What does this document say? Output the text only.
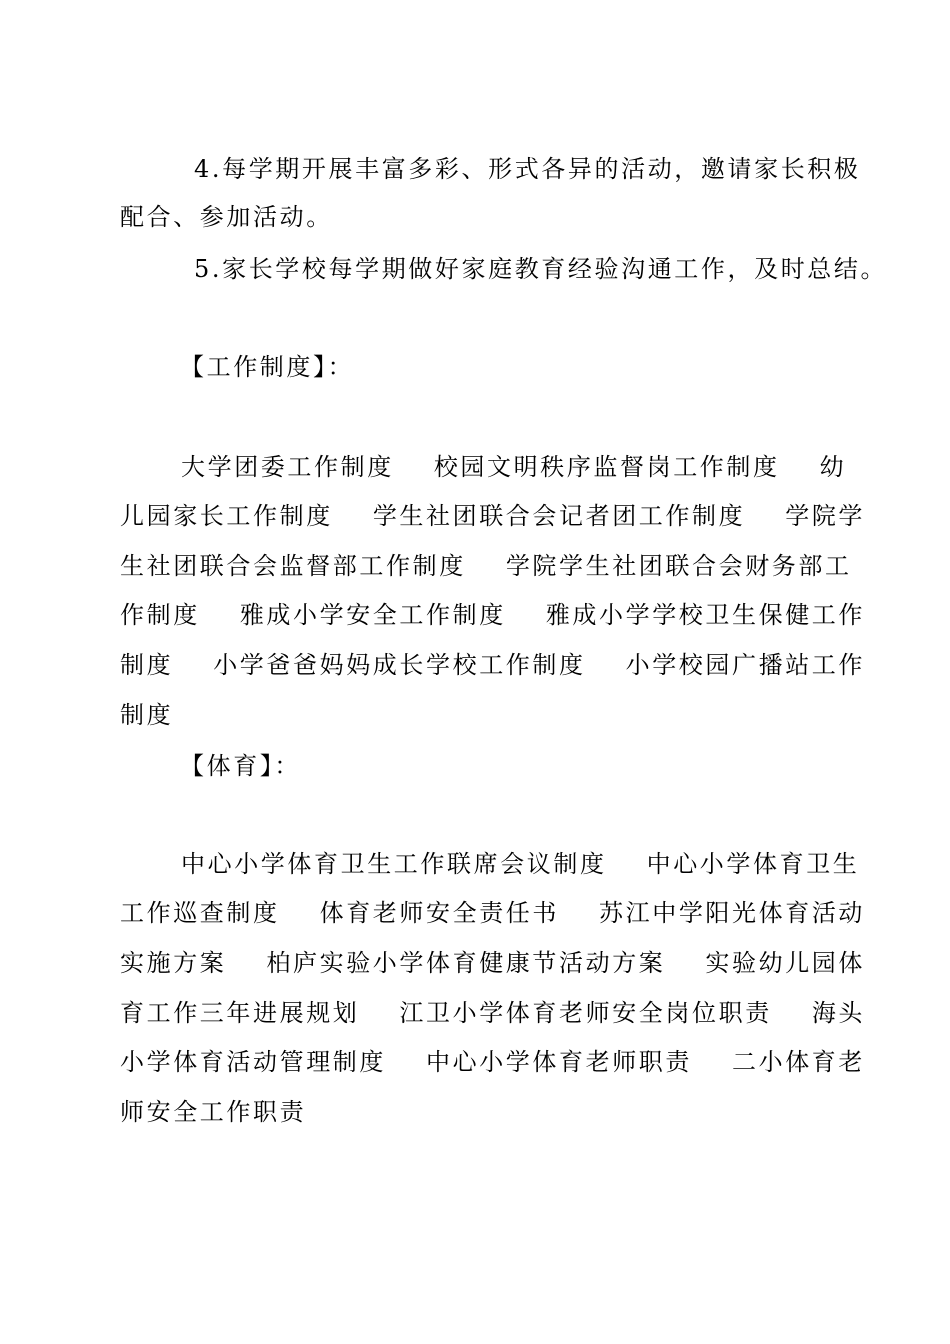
4.每学期开展丰富多彩、形式各异的活动，邀请家长积极
配合、参加活动。
5.家长学校每学期做好家庭教育经验沟通工作，及时总结。
【工作制度】：
大学团委工作制度 校园文明秩序监督岗工作制度 幼
儿园家长工作制度 学生社团联合会记者团工作制度 学院学
生社团联合会监督部工作制度 学院学生社团联合会财务部工
作制度 雅成小学安全工作制度 雅成小学学校卫生保健工作
制度 小学爸爸妈妈成长学校工作制度 小学校园广播站工作
制度
【体育】：
中心小学体育卫生工作联席会议制度 中心小学体育卫生
工作巡查制度 体育老师安全责任书 苏江中学阳光体育活动
实施方案 柏庐实验小学体育健康节活动方案 实验幼儿园体
育工作三年进展规划 江卫小学体育老师安全岗位职责 海头
小学体育活动管理制度 中心小学体育老师职责 二小体育老
师安全工作职责
